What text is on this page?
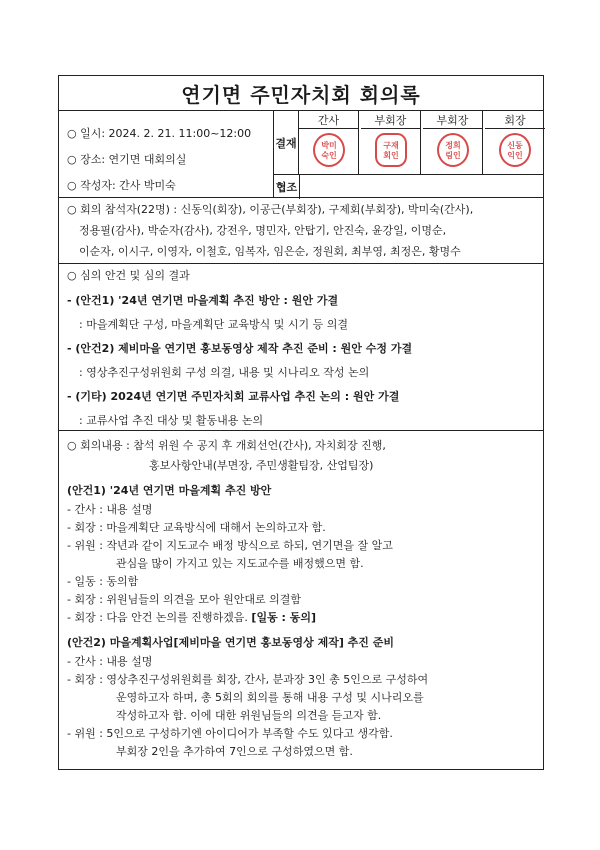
연기면 주민자치회 회의록
○ 일시: 2024. 2. 21. 11:00~12:00
○ 장소: 연기면 대회의실
○ 작성자: 간사 박미숙
결재
간사
박미
숙인
부회장
구재
회인
부회장
정희
림인
회장
신동
익인
협조
○ 회의 참석자(22명) : 신동익(회장), 이공근(부회장), 구제회(부회장), 박미숙(간사),
정용필(감사), 박순자(감사), 강전우, 명민자, 안탑기, 안진숙, 윤강일, 이명순,
이순자, 이시구, 이영자, 이철호, 임복자, 임은순, 정원회, 최부영, 최정은, 황명수
○ 심의 안건 및 심의 결과
- (안건1) '24년 연기면 마을계획 추진 방안 : 원안 가결
: 마을계획단 구성, 마을계획단 교육방식 및 시기 등 의결
- (안건2) 제비마을 연기면 홍보동영상 제작 추진 준비 : 원안 수정 가결
: 영상추진구성위원회 구성 의결, 내용 및 시나리오 작성 논의
- (기타) 2024년 연기면 주민자치회 교류사업 추진 논의 : 원안 가결
: 교류사업 추진 대상 및 활동내용 논의
○ 회의내용 : 참석 위원 수 공지 후 개회선언(간사), 자치회장 진행,
홍보사항안내(부면장, 주민생활팀장, 산업팀장)
(안건1) '24년 연기면 마을계획 추진 방안
- 간사 : 내용 설명
- 회장 : 마을계획단 교육방식에 대해서 논의하고자 함.
- 위원 : 작년과 같이 지도교수 배정 방식으로 하되, 연기면을 잘 알고
관심을 많이 가지고 있는 지도교수를 배정했으면 함.
- 일동 : 동의함
- 회장 : 위원님들의 의견을 모아 원안대로 의결함
- 회장 : 다음 안건 논의를 진행하겠음. [일동 : 동의]
(안건2) 마을계획사업[제비마을 연기면 홍보동영상 제작] 추진 준비
- 간사 : 내용 설명
- 회장 : 영상추진구성위원회를 회장, 간사, 분과장 3인 총 5인으로 구성하여
운영하고자 하며, 총 5회의 회의를 통해 내용 구성 및 시나리오를
작성하고자 함. 이에 대한 위원님들의 의견을 듣고자 함.
- 위원 : 5인으로 구성하기엔 아이디어가 부족할 수도 있다고 생각함.
부회장 2인을 추가하여 7인으로 구성하였으면 함.
